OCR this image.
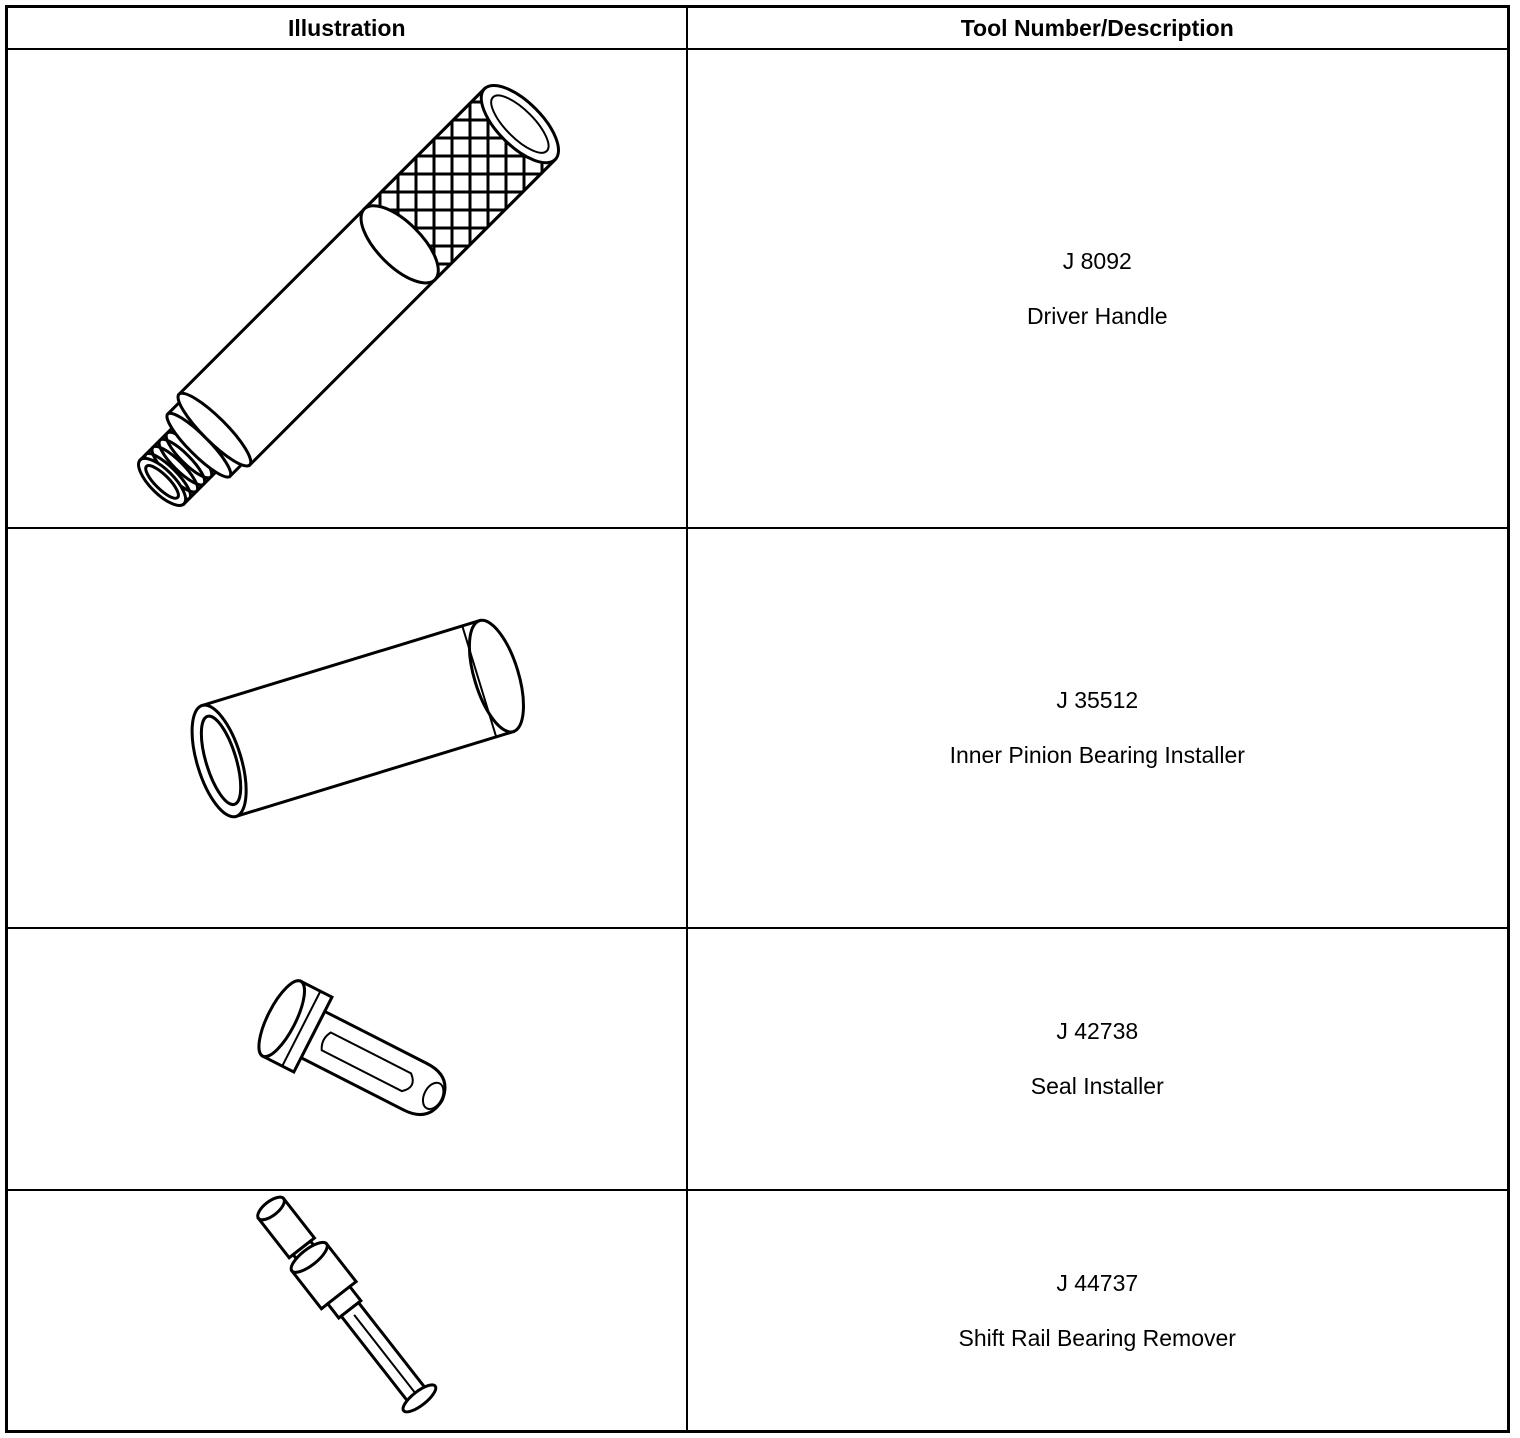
Illustration	Tool Number/Description

J 8092
Driver Handle

J 35512
Inner Pinion Bearing Installer

J 42738
Seal Installer

J 44737
Shift Rail Bearing Remover
